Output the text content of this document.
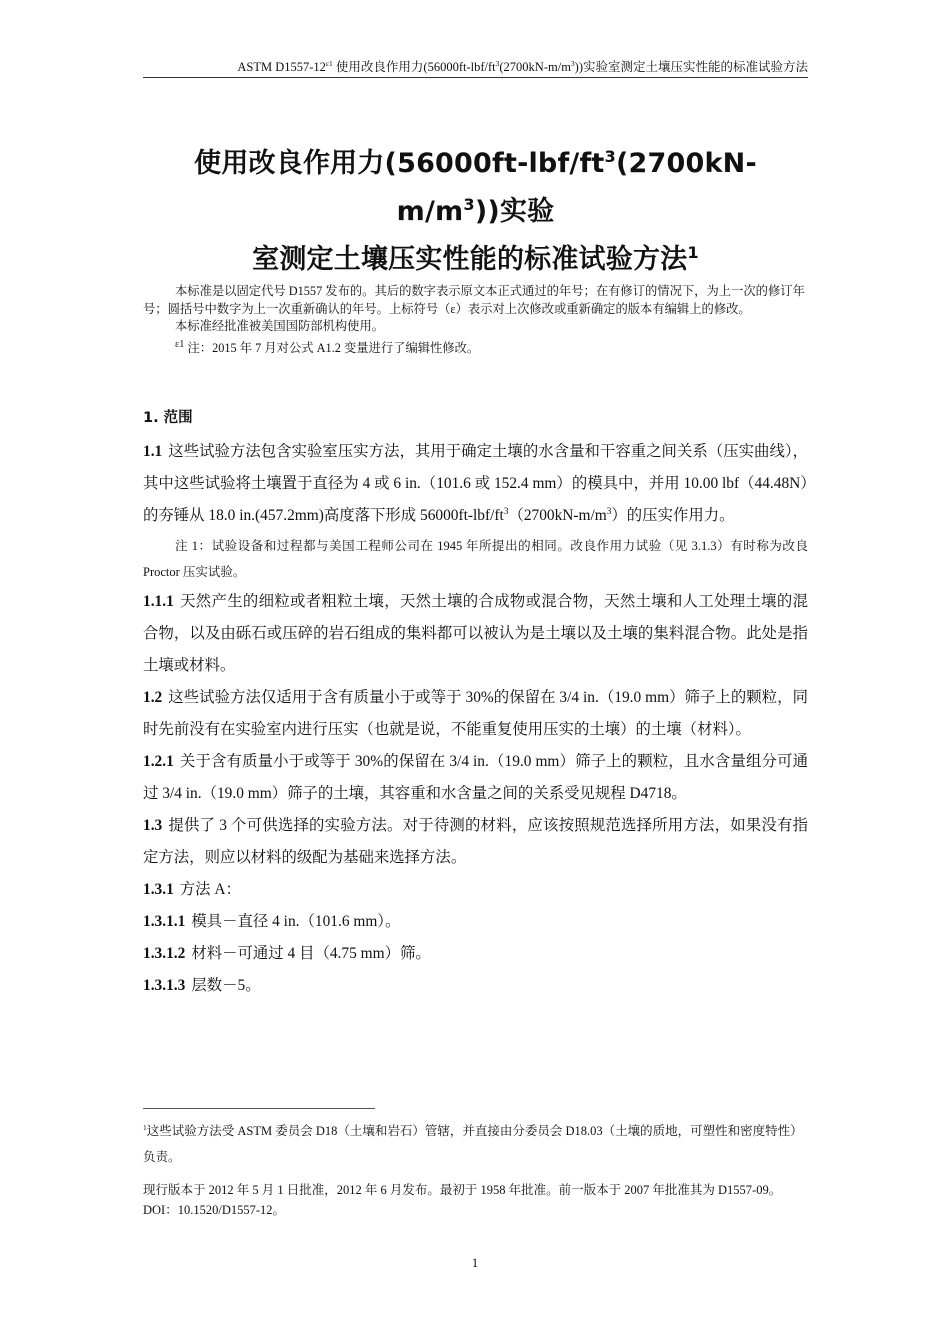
ASTM $D1557-12^{\varepsilon 1}$ 使用改良作用力$(56000ft-lbf/ft^3(2700kN-m/m^3))$实验室测定土壤压实性能的标准试验方法
使用改良作用力$(56000ft-lbf/ft^3(2700kN-m/m^3))$实验
室测定土壤压实性能的标准试验方法$^1$

本标准是以固定代号 D1557 发布的。其后的数字表示原文本正式通过的年号；在有修订的情况下，为上一次的修订年号；圆括号中数字为上一次重新确认的年号。上标符号（ε）表示对上次修改或重新确定的版本有编辑上的修改。

本标准经批准被美国国防部机构使用。

$^{\varepsilon 1}$ 注：2015 年 7 月对公式 A1.2 变量进行了编辑性修改。

1. 范围

1.1 这些试验方法包含实验室压实方法，其用于确定土壤的水含量和干容重之间关系（压实曲线），其中这些试验将土壤置于直径为 4 或 6 in.（101.6 或 152.4 mm）的模具中，并用 10.00 lbf（44.48N）的夯锤从 18.0 in.(457.2mm)高度落下形成 $56000ft-lbf/ft^3(2700kN-m/m^3)$的压实作用力。

注 1：试验设备和过程都与美国工程师公司在 1945 年所提出的相同。改良作用力试验（见 3.1.3）有时称为改良 Proctor 压实试验。

1.1.1 天然产生的细粒或者粗粒土壤，天然土壤的合成物或混合物，天然土壤和人工处理土壤的混合物，以及由砾石或压碎的岩石组成的集料都可以被认为是土壤以及土壤的集料混合物。此处是指土壤或材料。

1.2 这些试验方法仅适用于含有质量小于或等于 30%的保留在 3/4 in.（19.0 mm）筛子上的颗粒，同时先前没有在实验室内进行压实（也就是说，不能重复使用压实的土壤）的土壤（材料）。

1.2.1 关于含有质量小于或等于 30%的保留在 3/4 in.（19.0 mm）筛子上的颗粒，且水含量组分可通过 3/4 in.（19.0 mm）筛子的土壤，其容重和水含量之间的关系受见规程 D4718。

1.3 提供了 3 个可供选择的实验方法。对于待测的材料，应该按照规范选择所用方法，如果没有指定方法，则应以材料的级配为基础来选择方法。

1.3.1 方法 A：

1.3.1.1 模具－直径 4 in.（101.6 mm）。

1.3.1.2 材料－可通过 4 目（4.75 mm）筛。

1.3.1.3 层数－5。

$^1$这些试验方法受 ASTM 委员会 D18（土壤和岩石）管辖，并直接由分委员会 D18.03（土壤的质地，可塑性和密度特性）负责。

现行版本于 2012 年 5 月 1 日批准，2012 年 6 月发布。最初于 1958 年批准。前一版本于 2007 年批准其为 D1557-09。DOI：10.1520/D1557-12。

1
